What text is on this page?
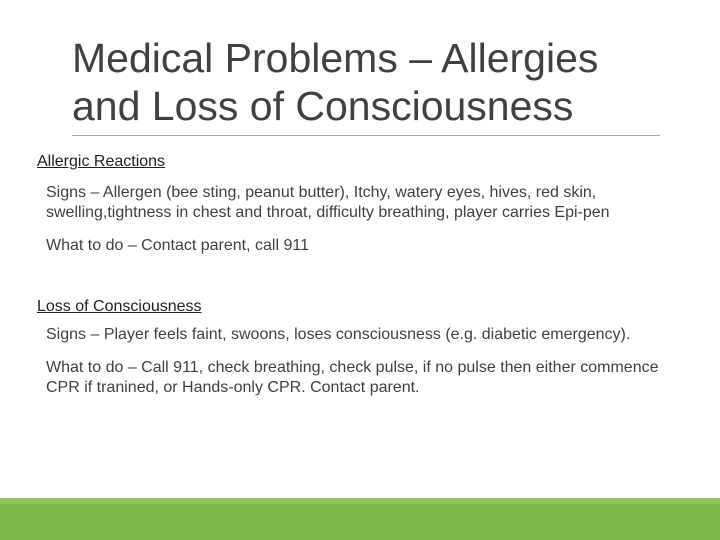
Medical Problems – Allergies
and Loss of Consciousness

Allergic Reactions

Signs – Allergen (bee sting, peanut butter), Itchy, watery eyes, hives, red skin, swelling,tightness in chest and throat, difficulty breathing, player carries Epi-pen

What to do – Contact parent, call 911

Loss of Consciousness

Signs – Player feels faint, swoons, loses consciousness (e.g. diabetic emergency).

What to do – Call 911, check breathing, check pulse, if no pulse then either commence CPR if tranined, or Hands-only CPR. Contact parent.
